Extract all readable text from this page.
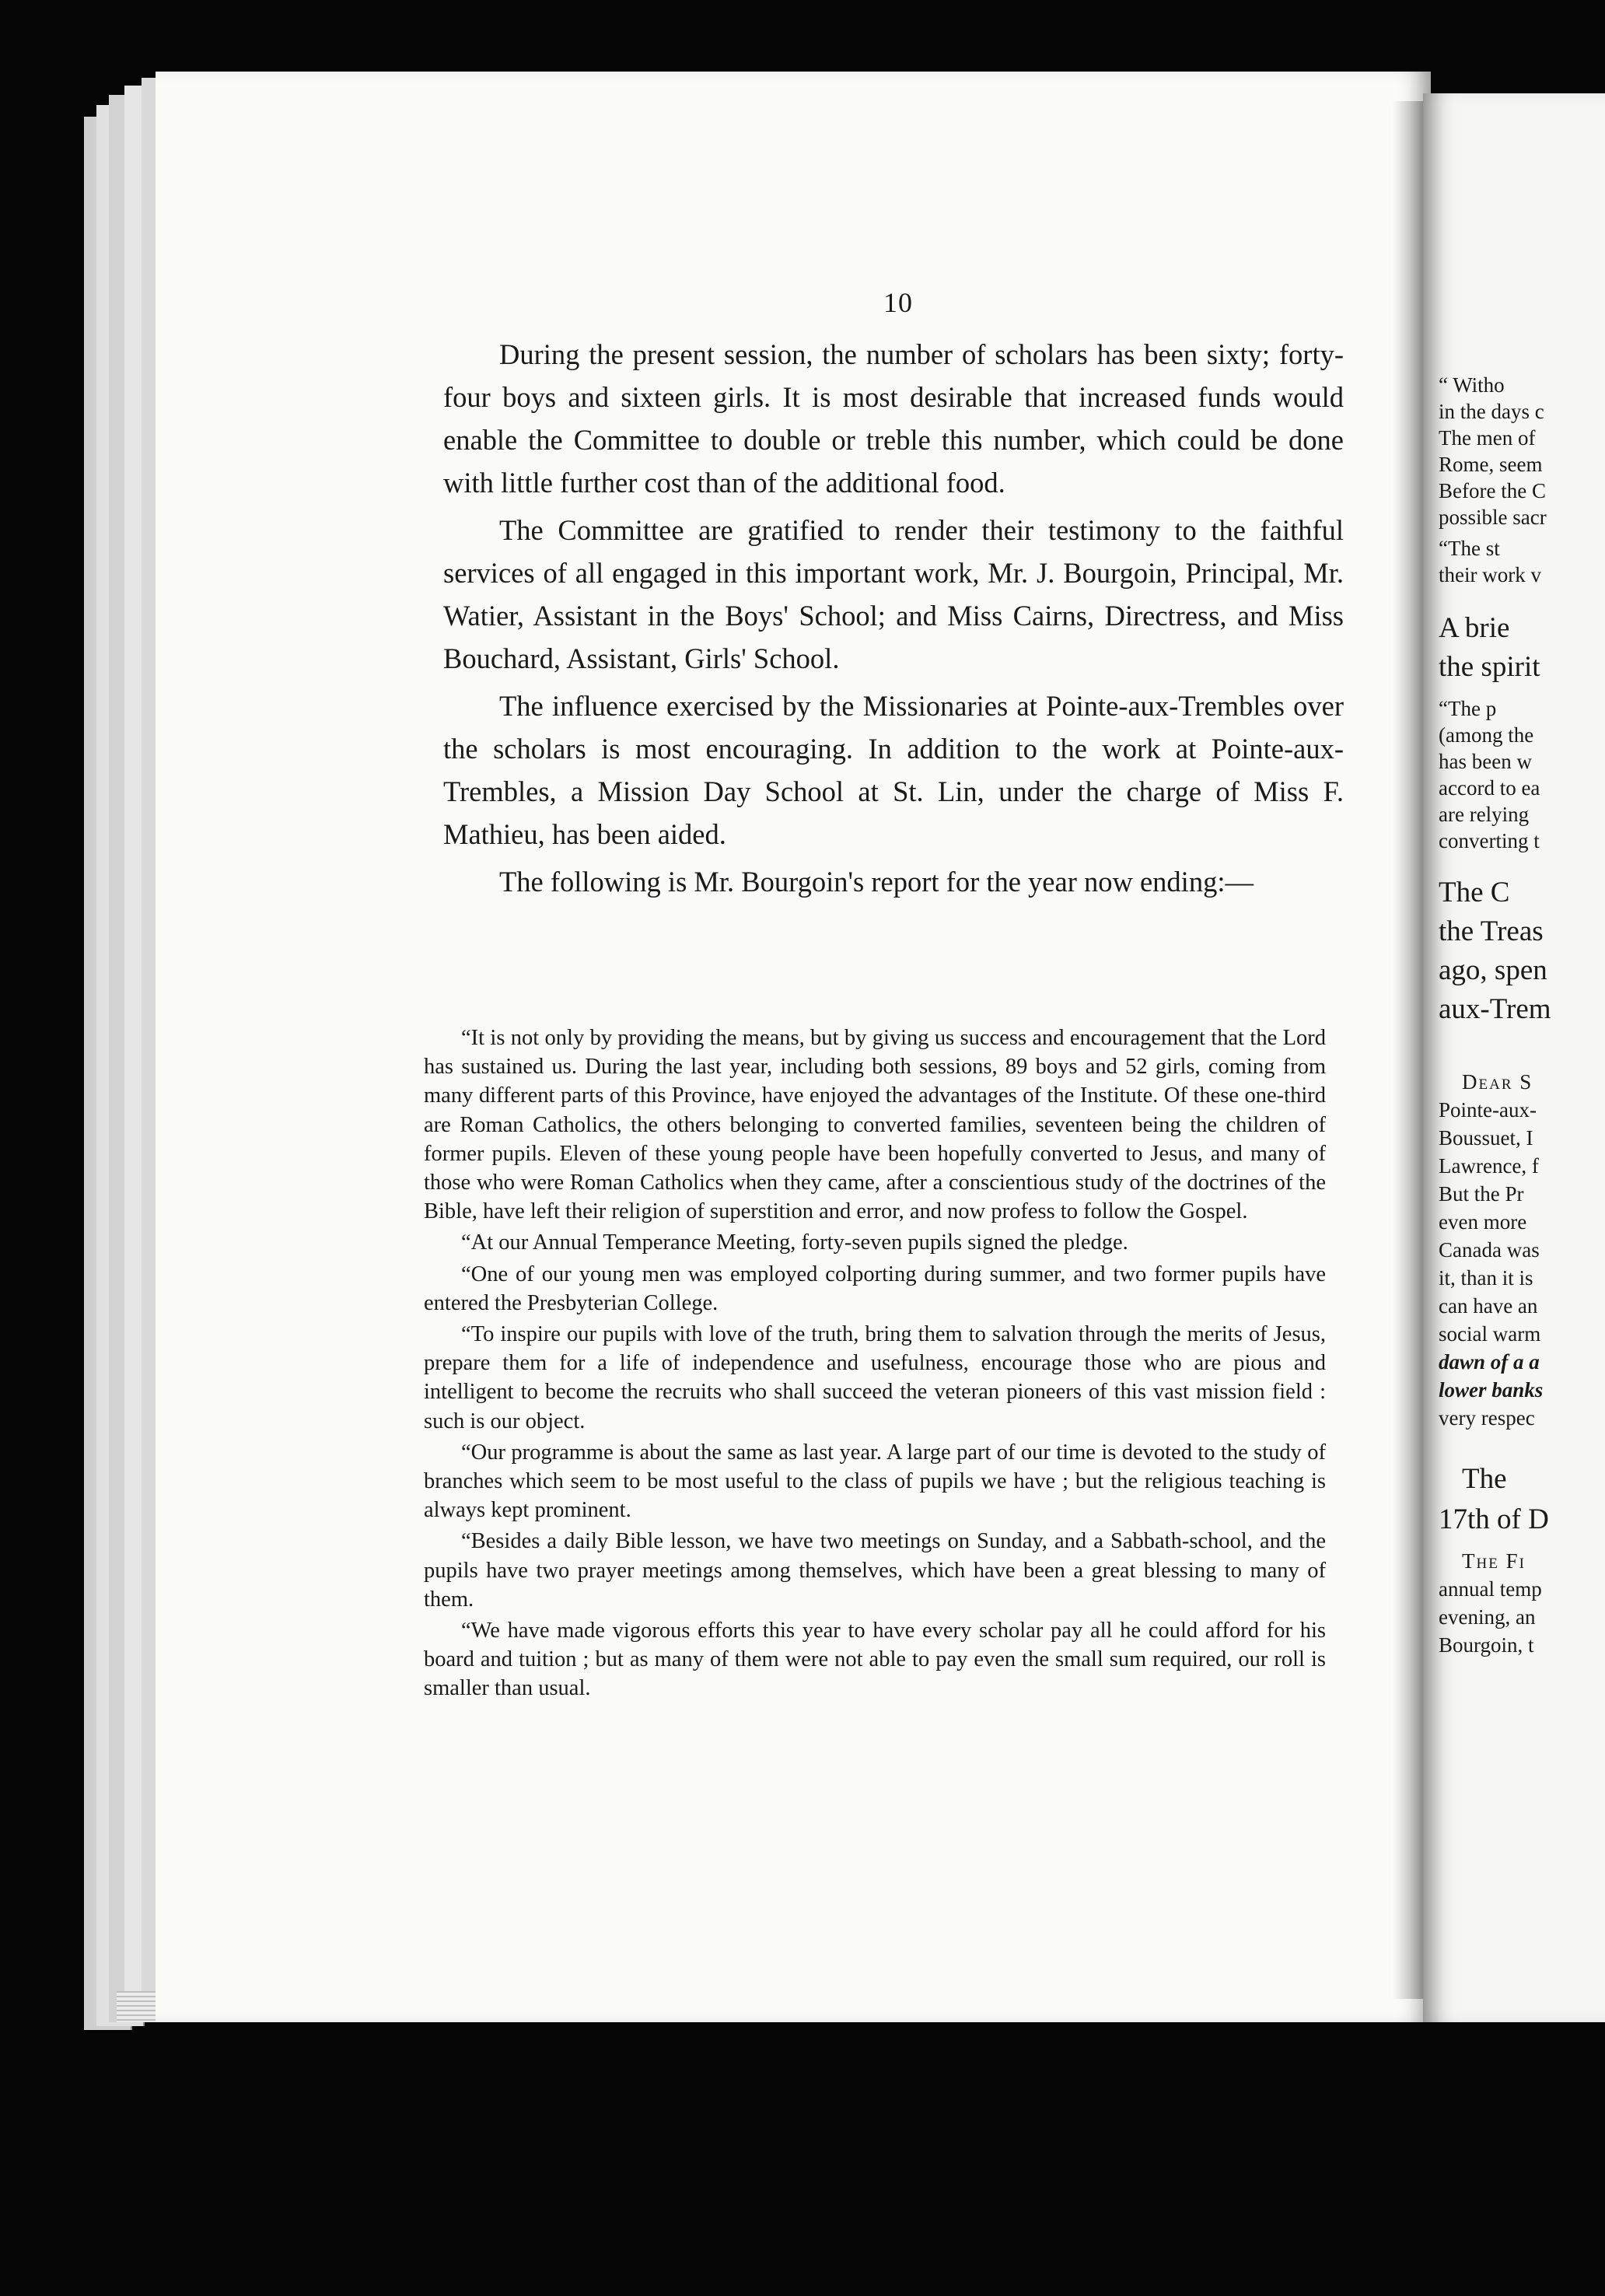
10

During the present session, the number of scholars has been sixty; forty-four boys and sixteen girls. It is most desirable that increased funds would enable the Committee to double or treble this number, which could be done with little further cost than of the additional food.

The Committee are gratified to render their testimony to the faithful services of all engaged in this important work, Mr. J. Bourgoin, Principal, Mr. Watier, Assistant in the Boys' School; and Miss Cairns, Directress, and Miss Bouchard, Assistant, Girls' School.

The influence exercised by the Missionaries at Pointe-aux-Trembles over the scholars is most encouraging. In addition to the work at Pointe-aux-Trembles, a Mission Day School at St. Lin, under the charge of Miss F. Mathieu, has been aided.

The following is Mr. Bourgoin's report for the year now ending:—

“It is not only by providing the means, but by giving us success and encouragement that the Lord has sustained us. During the last year, including both sessions, 89 boys and 52 girls, coming from many different parts of this Province, have enjoyed the advantages of the Institute. Of these one-third are Roman Catholics, the others belonging to converted families, seventeen being the children of former pupils. Eleven of these young people have been hopefully converted to Jesus, and many of those who were Roman Catholics when they came, after a conscientious study of the doctrines of the Bible, have left their religion of superstition and error, and now profess to follow the Gospel.

“At our Annual Temperance Meeting, forty-seven pupils signed the pledge.

“One of our young men was employed colporting during summer, and two former pupils have entered the Presbyterian College.

“To inspire our pupils with love of the truth, bring them to salvation through the merits of Jesus, prepare them for a life of independence and usefulness, encourage those who are pious and intelligent to become the recruits who shall succeed the veteran pioneers of this vast mission field : such is our object.

“Our programme is about the same as last year. A large part of our time is devoted to the study of branches which seem to be most useful to the class of pupils we have ; but the religious teaching is always kept prominent.

“Besides a daily Bible lesson, we have two meetings on Sunday, and a Sabbath-school, and the pupils have two prayer meetings among themselves, which have been a great blessing to many of them.

“We have made vigorous efforts this year to have every scholar pay all he could afford for his board and tuition ; but as many of them were not able to pay even the small sum required, our roll is smaller than usual.

“ Witho
in the days c
The men of
Rome, seem
Before the C
possible sacr
“The st
their work v
A brie
the spirit
“The p
(among the
has been w
accord to ea
are relying
converting t
The C
the Treas
ago, spen
aux-Trem
Dear S
Pointe-aux-
Boussuet, I
Lawrence, f
But the Pr
even more
Canada was
it, than it is
can have an
social warm
dawn of a a
lower banks
very respec
The
17th of D
The Fi
annual temp
evening, an
Bourgoin, t
